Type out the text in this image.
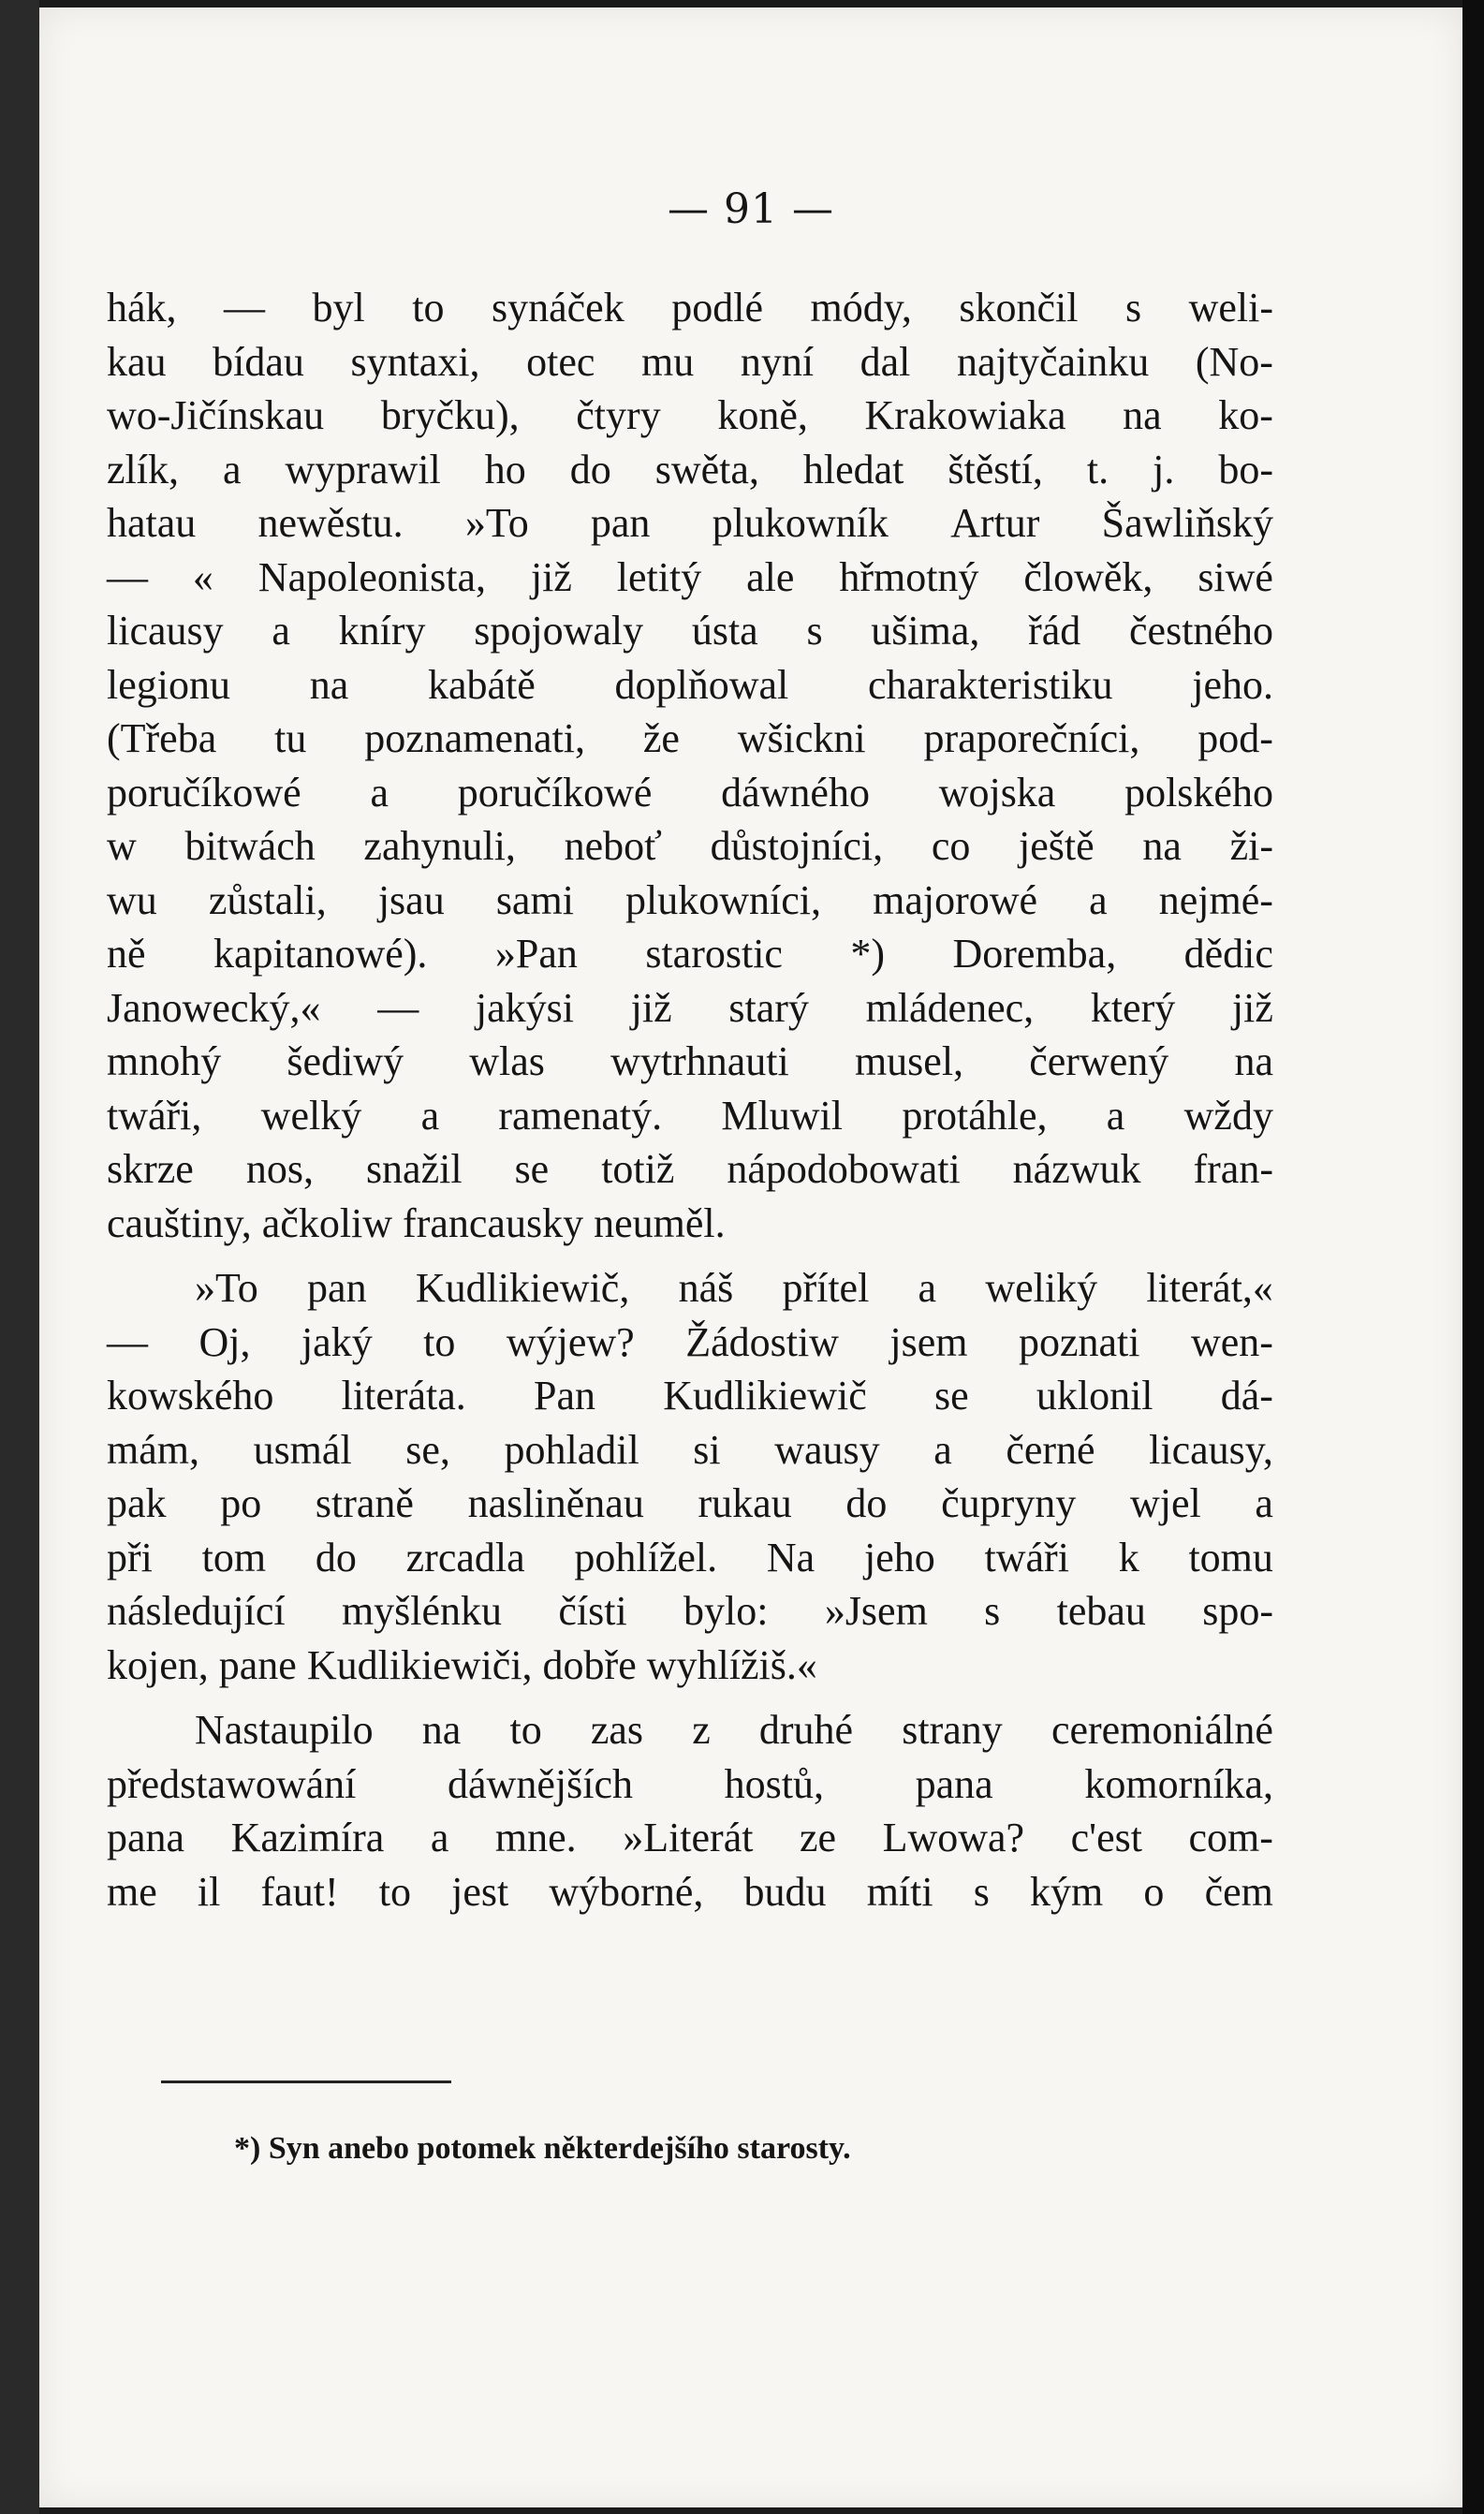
— 91 —
hák, — byl to synáček podlé módy, skončil s weli-
kau bídau syntaxi, otec mu nyní dal najtyčainku (No-
wo-Jičínskau bryčku), čtyry koně, Krakowiaka na ko-
zlík, a wyprawil ho do swěta, hledat štěstí, t. j. bo-
hatau newěstu. »To pan plukowník Artur Šawliňský
— « Napoleonista, již letitý ale hřmotný člowěk, siwé
licausy a kníry spojowaly ústa s ušima, řád čestného
legionu na kabátě doplňowal charakteristiku jeho.
(Třeba tu poznamenati, že wšickni praporečníci, pod-
poručíkowé a poručíkowé dáwného wojska polského
w bitwách zahynuli, neboť důstojníci, co ještě na ži-
wu zůstali, jsau sami plukowníci, majorowé a nejmé-
ně kapitanowé). »Pan starostic *) Doremba, dědic
Janowecký,« — jakýsi již starý mládenec, který již
mnohý šediwý wlas wytrhnauti musel, čerwený na
twáři, welký a ramenatý. Mluwil protáhle, a wždy
skrze nos, snažil se totiž nápodobowati názwuk fran-
cauštiny, ačkoliw francausky neuměl.
»To pan Kudlikiewič, náš přítel a weliký literát,«
— Oj, jaký to wýjew? Žádostiw jsem poznati wen-
kowského literáta. Pan Kudlikiewič se uklonil dá-
mám, usmál se, pohladil si wausy a černé licausy,
pak po straně nasliněnau rukau do čupryny wjel a
při tom do zrcadla pohlížel. Na jeho twáři k tomu
následující myšlénku čísti bylo: »Jsem s tebau spo-
kojen, pane Kudlikiewiči, dobře wyhlížiš.«
Nastaupilo na to zas z druhé strany ceremoniálné
předstawowání dáwnějších hostů, pana komorníka,
pana Kazimíra a mne. »Literát ze Lwowa? c'est com-
me il faut! to jest wýborné, budu míti s kým o čem
*) Syn anebo potomek některdejšího starosty.
